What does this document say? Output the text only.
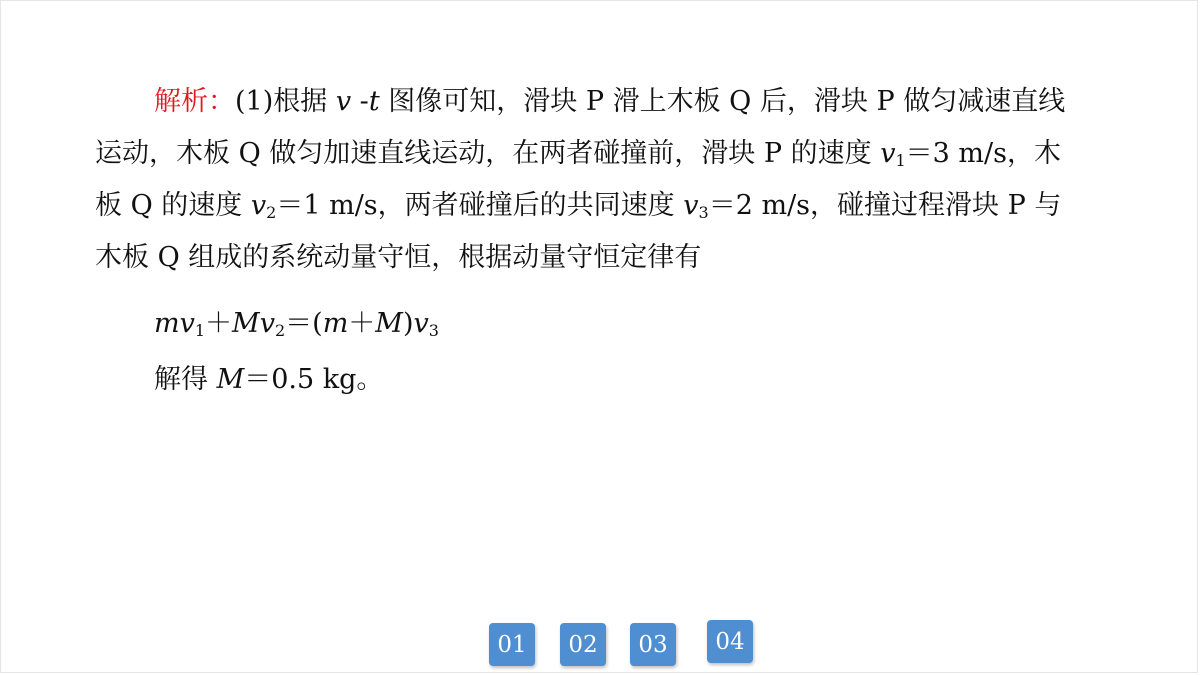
解析：(1)根据 v -t 图像可知，滑块 P 滑上木板 Q 后，滑块 P 做匀减速直线运动，木板 Q 做匀加速直线运动，在两者碰撞前，滑块 P 的速度 $v_1=3$ m/s，木板 Q 的速度 $v_2=1$ m/s，两者碰撞后的共同速度 $v_3=2$ m/s，碰撞过程滑块 P 与木板 Q 组成的系统动量守恒，根据动量守恒定律有

$mv_1+Mv_2=(m+M)v_3$

解得 M＝0.5 kg。

01	02	03	04
